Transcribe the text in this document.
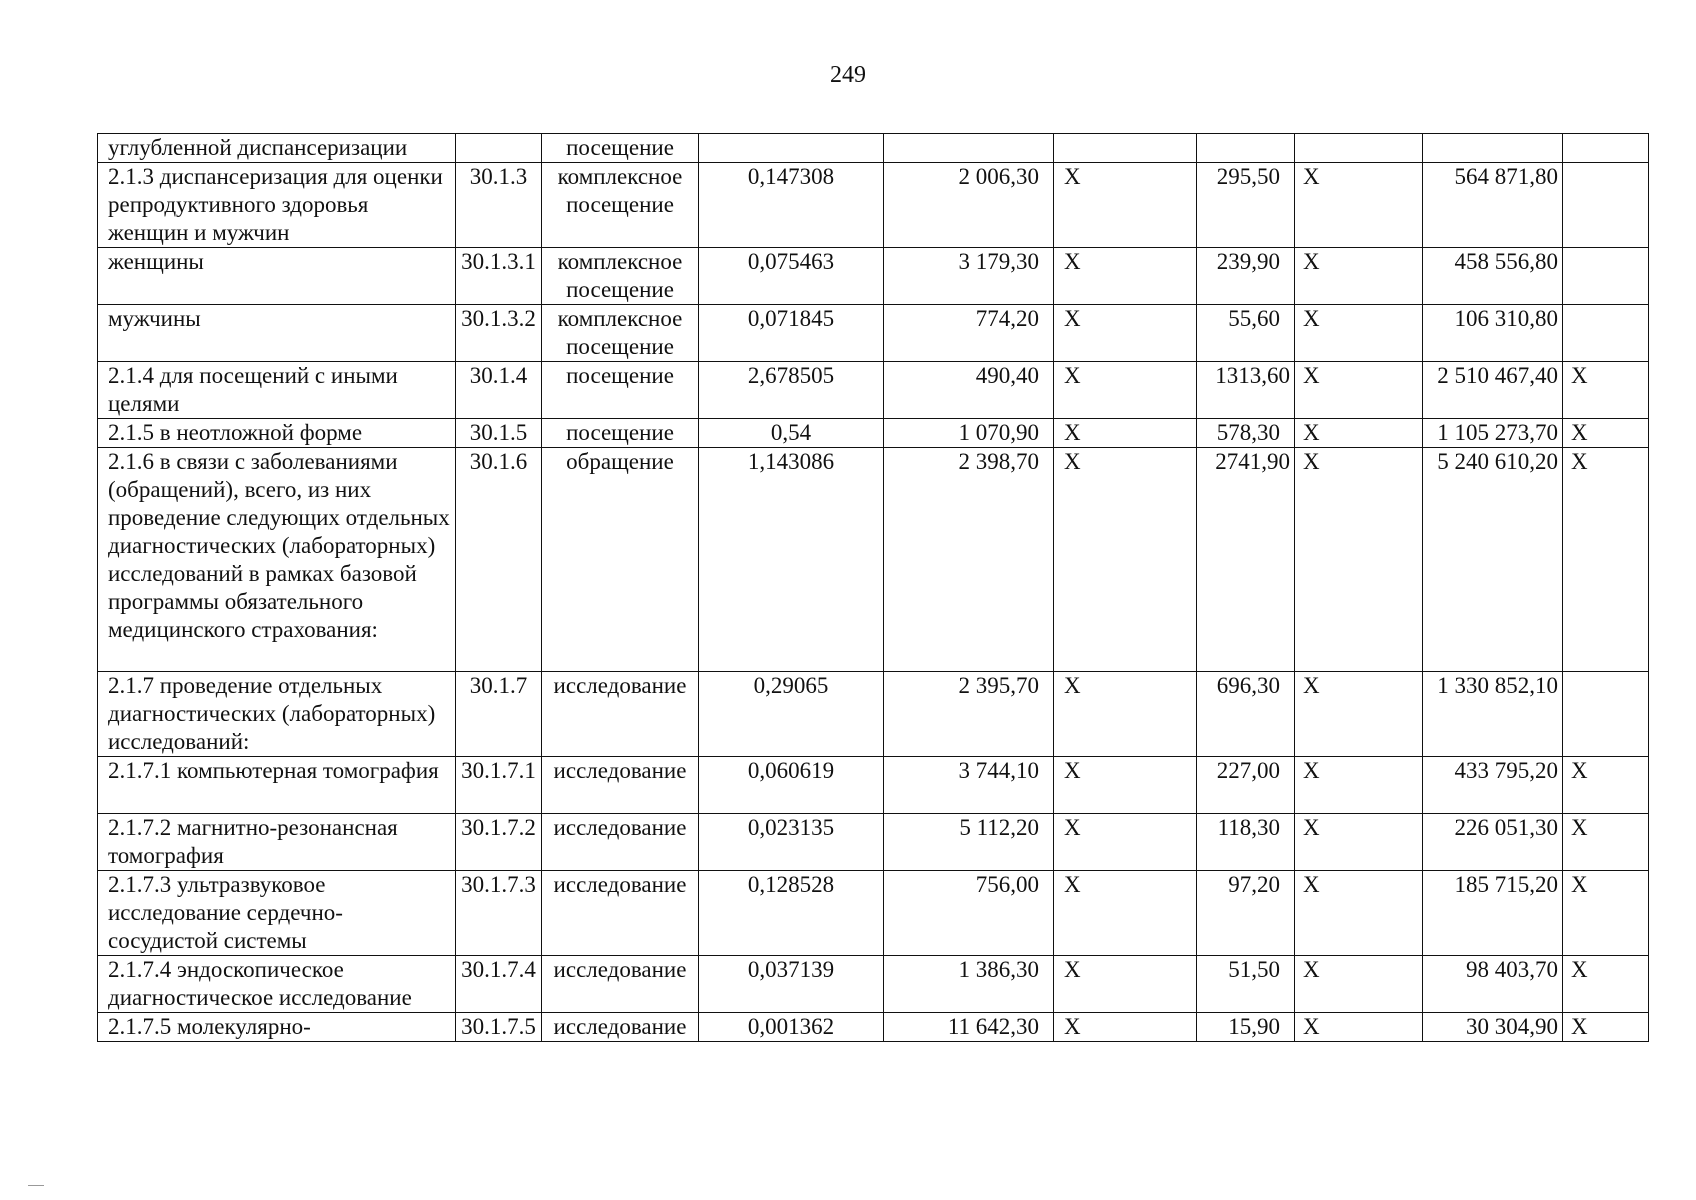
249
углубленной диспансеризации		посещение							
2.1.3 диспансеризация для оценки репродуктивного здоровья женщин и мужчин	30.1.3	комплексное посещение	0,147308	2 006,30	X	295,50	X	564 871,80	
женщины	30.1.3.1	комплексное посещение	0,075463	3 179,30	X	239,90	X	458 556,80	
мужчины	30.1.3.2	комплексное посещение	0,071845	774,20	X	55,60	X	106 310,80	
2.1.4 для посещений с иными целями	30.1.4	посещение	2,678505	490,40	X	1313,60	X	2 510 467,40	X
2.1.5 в неотложной форме	30.1.5	посещение	0,54	1 070,90	X	578,30	X	1 105 273,70	X
2.1.6 в связи с заболеваниями (обращений), всего, из них проведение следующих отдельных диагностических (лабораторных) исследований в рамках базовой программы обязательного медицинского страхования:	30.1.6	обращение	1,143086	2 398,70	X	2741,90	X	5 240 610,20	X
2.1.7 проведение отдельных диагностических (лабораторных) исследований:	30.1.7	исследование	0,29065	2 395,70	X	696,30	X	1 330 852,10	
2.1.7.1 компьютерная томография	30.1.7.1	исследование	0,060619	3 744,10	X	227,00	X	433 795,20	X
2.1.7.2 магнитно-резонансная томография	30.1.7.2	исследование	0,023135	5 112,20	X	118,30	X	226 051,30	X
2.1.7.3 ультразвуковое исследование сердечно-сосудистой системы	30.1.7.3	исследование	0,128528	756,00	X	97,20	X	185 715,20	X
2.1.7.4 эндоскопическое диагностическое исследование	30.1.7.4	исследование	0,037139	1 386,30	X	51,50	X	98 403,70	X
2.1.7.5 молекулярно-	30.1.7.5	исследование	0,001362	11 642,30	X	15,90	X	30 304,90	X
